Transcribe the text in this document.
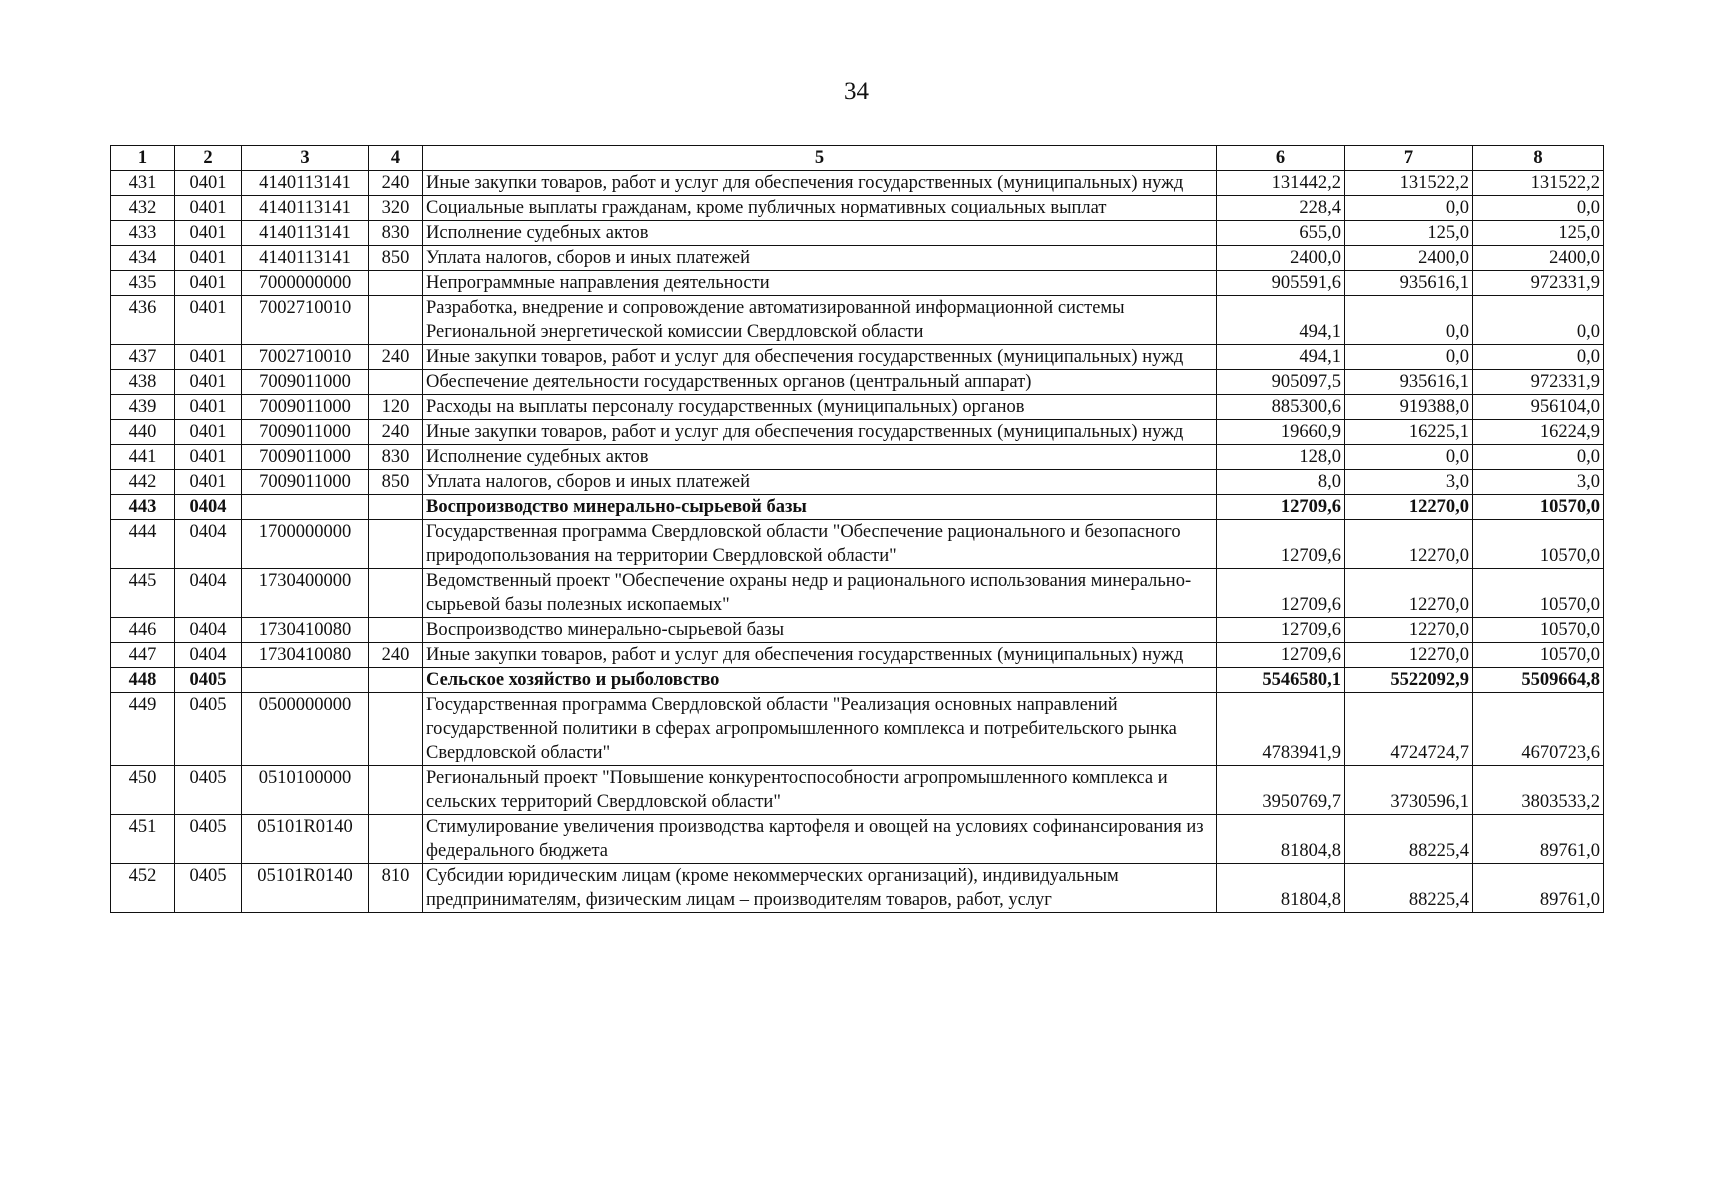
34
1	2	3	4	5	6	7	8
431	0401	4140113141	240	Иные закупки товаров, работ и услуг для обеспечения государственных (муниципальных) нужд	131442,2	131522,2	131522,2
432	0401	4140113141	320	Социальные выплаты гражданам, кроме публичных нормативных социальных выплат	228,4	0,0	0,0
433	0401	4140113141	830	Исполнение судебных актов	655,0	125,0	125,0
434	0401	4140113141	850	Уплата налогов, сборов и иных платежей	2400,0	2400,0	2400,0
435	0401	7000000000		Непрограммные направления деятельности	905591,6	935616,1	972331,9
436	0401	7002710010		Разработка, внедрение и сопровождение автоматизированной информационной системы Региональной энергетической комиссии Свердловской области	494,1	0,0	0,0
437	0401	7002710010	240	Иные закупки товаров, работ и услуг для обеспечения государственных (муниципальных) нужд	494,1	0,0	0,0
438	0401	7009011000		Обеспечение деятельности государственных органов (центральный аппарат)	905097,5	935616,1	972331,9
439	0401	7009011000	120	Расходы на выплаты персоналу государственных (муниципальных) органов	885300,6	919388,0	956104,0
440	0401	7009011000	240	Иные закупки товаров, работ и услуг для обеспечения государственных (муниципальных) нужд	19660,9	16225,1	16224,9
441	0401	7009011000	830	Исполнение судебных актов	128,0	0,0	0,0
442	0401	7009011000	850	Уплата налогов, сборов и иных платежей	8,0	3,0	3,0
443	0404			Воспроизводство минерально-сырьевой базы	12709,6	12270,0	10570,0
444	0404	1700000000		Государственная программа Свердловской области "Обеспечение рационального и безопасного природопользования на территории Свердловской области"	12709,6	12270,0	10570,0
445	0404	1730400000		Ведомственный проект "Обеспечение охраны недр и рационального использования минерально-сырьевой базы полезных ископаемых"	12709,6	12270,0	10570,0
446	0404	1730410080		Воспроизводство минерально-сырьевой базы	12709,6	12270,0	10570,0
447	0404	1730410080	240	Иные закупки товаров, работ и услуг для обеспечения государственных (муниципальных) нужд	12709,6	12270,0	10570,0
448	0405			Сельское хозяйство и рыболовство	5546580,1	5522092,9	5509664,8
449	0405	0500000000		Государственная программа Свердловской области "Реализация основных направлений государственной политики в сферах агропромышленного комплекса и потребительского рынка Свердловской области"	4783941,9	4724724,7	4670723,6
450	0405	0510100000		Региональный проект "Повышение конкурентоспособности агропромышленного комплекса и сельских территорий Свердловской области"	3950769,7	3730596,1	3803533,2
451	0405	05101R0140		Стимулирование увеличения производства картофеля и овощей на условиях софинансирования из федерального бюджета	81804,8	88225,4	89761,0
452	0405	05101R0140	810	Субсидии юридическим лицам (кроме некоммерческих организаций), индивидуальным предпринимателям, физическим лицам – производителям товаров, работ, услуг	81804,8	88225,4	89761,0
